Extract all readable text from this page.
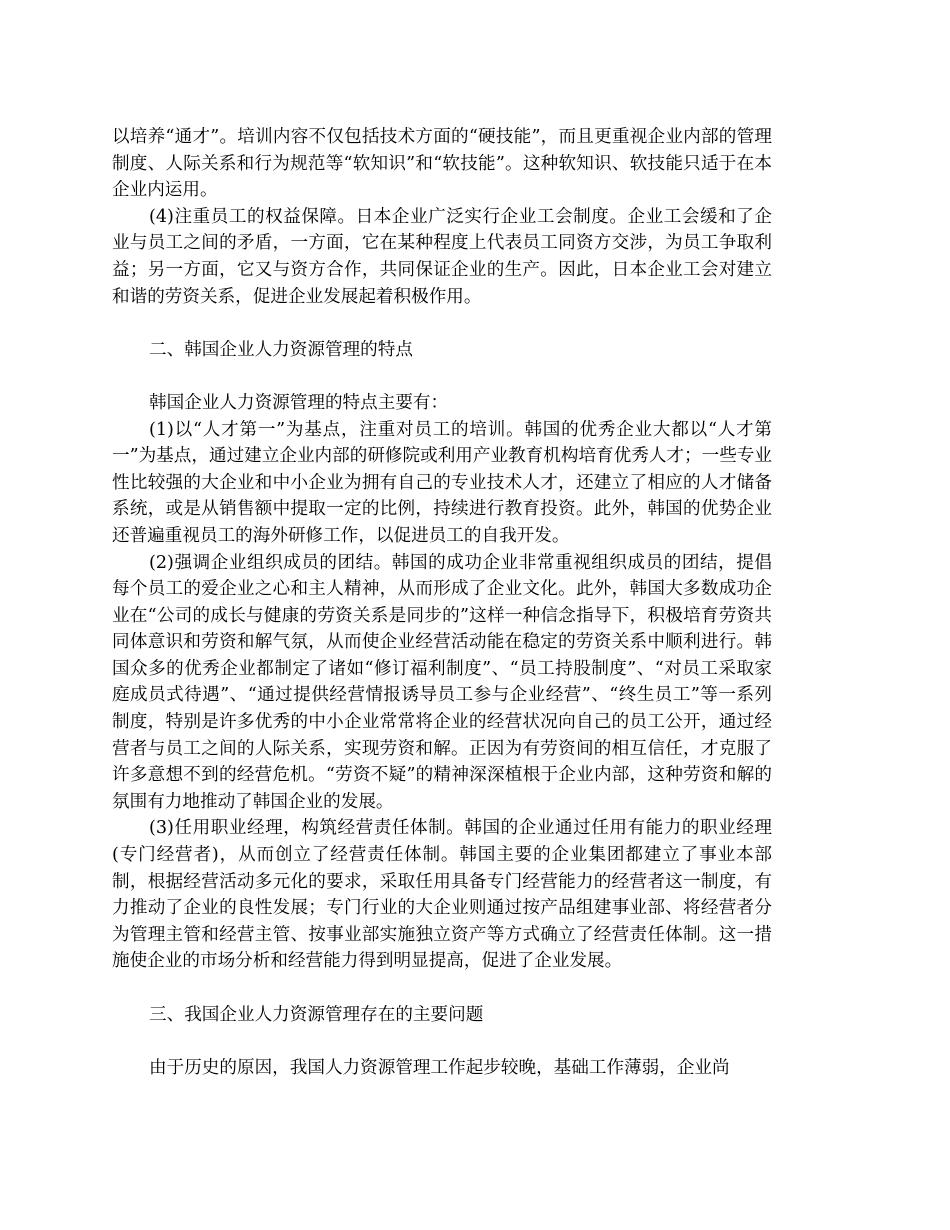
以培养“通才”。培训内容不仅包括技术方面的“硬技能”，而且更重视企业内部的管理制度、人际关系和行为规范等“软知识”和“软技能”。这种软知识、软技能只适于在本企业内运用。

(4)注重员工的权益保障。日本企业广泛实行企业工会制度。企业工会缓和了企业与员工之间的矛盾，一方面，它在某种程度上代表员工同资方交涉，为员工争取利益；另一方面，它又与资方合作，共同保证企业的生产。因此，日本企业工会对建立和谐的劳资关系，促进企业发展起着积极作用。

二、韩国企业人力资源管理的特点

韩国企业人力资源管理的特点主要有：

(1)以“人才第一”为基点，注重对员工的培训。韩国的优秀企业大都以“人才第一”为基点，通过建立企业内部的研修院或利用产业教育机构培育优秀人才；一些专业性比较强的大企业和中小企业为拥有自己的专业技术人才，还建立了相应的人才储备系统，或是从销售额中提取一定的比例，持续进行教育投资。此外，韩国的优势企业还普遍重视员工的海外研修工作，以促进员工的自我开发。

(2)强调企业组织成员的团结。韩国的成功企业非常重视组织成员的团结，提倡每个员工的爱企业之心和主人精神，从而形成了企业文化。此外，韩国大多数成功企业在“公司的成长与健康的劳资关系是同步的”这样一种信念指导下，积极培育劳资共同体意识和劳资和解气氛，从而使企业经营活动能在稳定的劳资关系中顺利进行。韩国众多的优秀企业都制定了诸如“修订福利制度”、“员工持股制度”、“对员工采取家庭成员式待遇”、“通过提供经营情报诱导员工参与企业经营”、“终生员工”等一系列制度，特别是许多优秀的中小企业常常将企业的经营状况向自己的员工公开，通过经营者与员工之间的人际关系，实现劳资和解。正因为有劳资间的相互信任，才克服了许多意想不到的经营危机。“劳资不疑”的精神深深植根于企业内部，这种劳资和解的氛围有力地推动了韩国企业的发展。

(3)任用职业经理，构筑经营责任体制。韩国的企业通过任用有能力的职业经理(专门经营者)，从而创立了经营责任体制。韩国主要的企业集团都建立了事业本部制，根据经营活动多元化的要求，采取任用具备专门经营能力的经营者这一制度，有力推动了企业的良性发展；专门行业的大企业则通过按产品组建事业部、将经营者分为管理主管和经营主管、按事业部实施独立资产等方式确立了经营责任体制。这一措施使企业的市场分析和经营能力得到明显提高，促进了企业发展。

三、我国企业人力资源管理存在的主要问题

由于历史的原因，我国人力资源管理工作起步较晚，基础工作薄弱，企业尚
